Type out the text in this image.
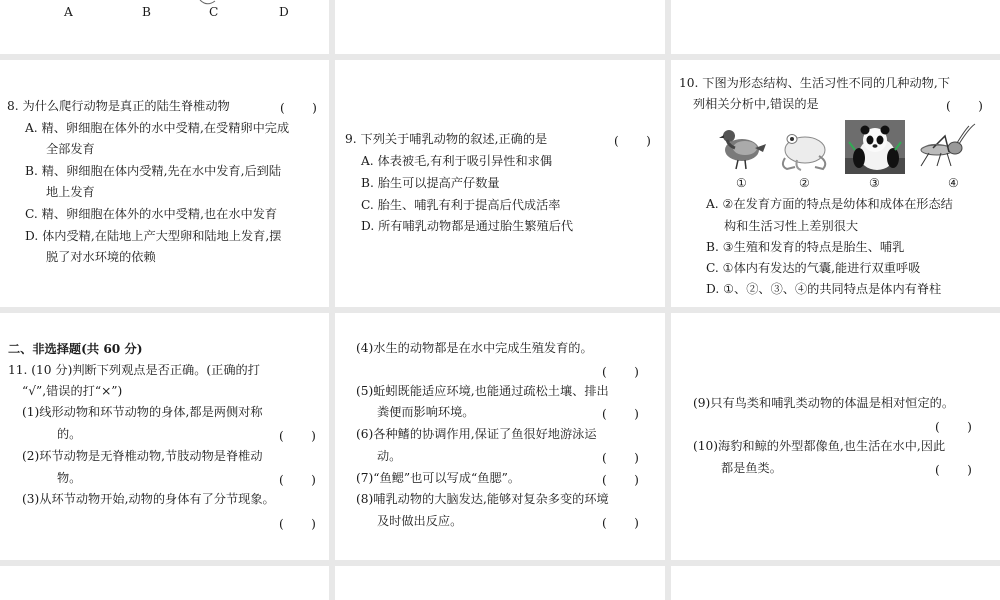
A	B	C	D
8. 为什么爬行动物是真正的陆生脊椎动物	(　　)
A. 精、卵细胞在体外的水中受精,在受精卵中完成
全部发育
B. 精、卵细胞在体内受精,先在水中发育,后到陆
地上发育
C. 精、卵细胞在体外的水中受精,也在水中发育
D. 体内受精,在陆地上产大型卵和陆地上发育,摆
脱了对水环境的依赖
9. 下列关于哺乳动物的叙述,正确的是	(　　)
A. 体表被毛,有利于吸引异性和求偶
B. 胎生可以提高产仔数量
C. 胎生、哺乳有利于提高后代成活率
D. 所有哺乳动物都是通过胎生繁殖后代
10. 下图为形态结构、生活习性不同的几种动物,下
列相关分析中,错误的是	(　　)
①	②	③	④
A. ②在发育方面的特点是幼体和成体在形态结
构和生活习性上差别很大
B. ③生殖和发育的特点是胎生、哺乳
C. ①体内有发达的气囊,能进行双重呼吸
D. ①、②、③、④的共同特点是体内有脊柱
二、非选择题(共 60 分)
11. (10 分)判断下列观点是否正确。(正确的打
“√”,错误的打“×”)
(1)线形动物和环节动物的身体,都是两侧对称
的。	(　　)
(2)环节动物是无脊椎动物,节肢动物是脊椎动
物。	(　　)
(3)从环节动物开始,动物的身体有了分节现象。
(　　)
(4)水生的动物都是在水中完成生殖发育的。
(　　)
(5)蚯蚓既能适应环境,也能通过疏松土壤、排出
粪便而影响环境。	(　　)
(6)各种鳍的协调作用,保证了鱼很好地游泳运
动。	(　　)
(7)“鱼鳃”也可以写成“鱼腮”。	(　　)
(8)哺乳动物的大脑发达,能够对复杂多变的环境
及时做出反应。	(　　)
(9)只有鸟类和哺乳类动物的体温是相对恒定的。
(　　)
(10)海豹和鲸的外型都像鱼,也生活在水中,因此
都是鱼类。	(　　)
